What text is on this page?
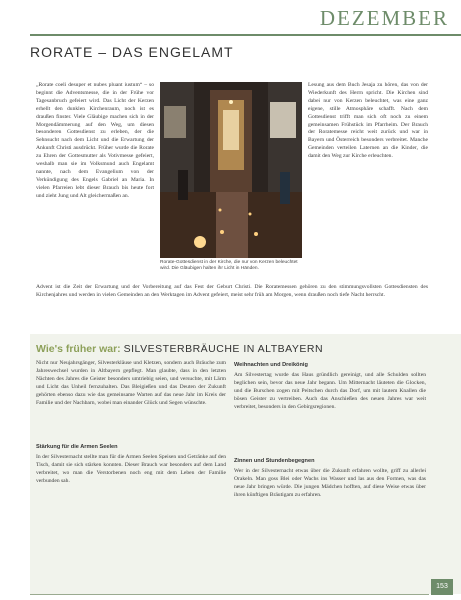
DEZEMBER
RORATE – DAS ENGELAMT

„Rorate coeli desuper et nubes pluant iustum“ – so beginnt die Adventsmesse, die in der Frühe vor Tagesanbruch gefeiert wird. Das Licht der Kerzen erhellt den dunklen Kirchenraum, noch ist es draußen finster. Viele Gläubige machen sich in der Morgendämmerung auf den Weg, um diesen besonderen Gottesdienst zu erleben, der die Sehnsucht nach dem Licht und die Erwartung der Ankunft Christi ausdrückt. Früher wurde die Rorate zu Ehren der Gottesmutter als Votivmesse gefeiert, weshalb man sie im Volksmund auch Engelamt nannte, nach dem Evangelium von der Verkündigung des Engels Gabriel an Maria. In vielen Pfarreien lebt dieser Brauch bis heute fort und zieht Jung und Alt gleichermaßen an.

Rorate-Gottesdienst in der Kirche, die nur von Kerzen beleuchtet wird. Die Gläubigen halten ihr Licht in Händen.

Lesung aus dem Buch Jesaja zu hören, das von der Wiederkunft des Herrn spricht. Die Kirchen sind dabei nur von Kerzen beleuchtet, was eine ganz eigene, stille Atmosphäre schafft. Nach dem Gottesdienst trifft man sich oft noch zu einem gemeinsamen Frühstück im Pfarrheim. Der Brauch der Roratemesse reicht weit zurück und war in Bayern und Österreich besonders verbreitet. Manche Gemeinden verteilen Laternen an die Kinder, die damit den Weg zur Kirche erleuchten.

Advent ist die Zeit der Erwartung und der Vorbereitung auf das Fest der Geburt Christi. Die Roratemessen gehören zu den stimmungsvollsten Gottesdiensten des Kirchenjahres und werden in vielen Gemeinden an den Werktagen im Advent gefeiert, meist sehr früh am Morgen, wenn draußen noch tiefe Nacht herrscht.

Wie's früher war: SILVESTERBRÄUCHE IN ALTBAYERN

Nicht nur Neujahrsgänger, Silvesterkläuse und Kletzen, sondern auch Bräuche zum Jahreswechsel wurden in Altbayern gepflegt. Man glaubte, dass in den letzten Nächten des Jahres die Geister besonders umtriebig seien, und versuchte, mit Lärm und Licht das Unheil fernzuhalten. Das Bleigießen und das Deuten der Zukunft gehörten ebenso dazu wie das gemeinsame Warten auf das neue Jahr im Kreis der Familie und der Nachbarn, wobei man einander Glück und Segen wünschte.

Stärkung für die Armen Seelen

In der Silvesternacht stellte man für die Armen Seelen Speisen und Getränke auf den Tisch, damit sie sich stärken konnten. Dieser Brauch war besonders auf dem Land verbreitet, wo man die Verstorbenen noch eng mit dem Leben der Familie verbunden sah.

Weihnachten und Dreikönig

Am Silvestertag wurde das Haus gründlich gereinigt, und alle Schulden sollten beglichen sein, bevor das neue Jahr begann. Um Mitternacht läuteten die Glocken, und die Burschen zogen mit Peitschen durch das Dorf, um mit lautem Knallen die bösen Geister zu vertreiben. Auch das Anschießen des neuen Jahres war weit verbreitet, besonders in den Gebirgsregionen.

Zinnen und Stundenbegegnen

Wer in der Silvesternacht etwas über die Zukunft erfahren wollte, griff zu allerlei Orakeln. Man goss Blei oder Wachs ins Wasser und las aus den Formen, was das neue Jahr bringen würde. Die jungen Mädchen hofften, auf diese Weise etwas über ihren künftigen Bräutigam zu erfahren.

153
